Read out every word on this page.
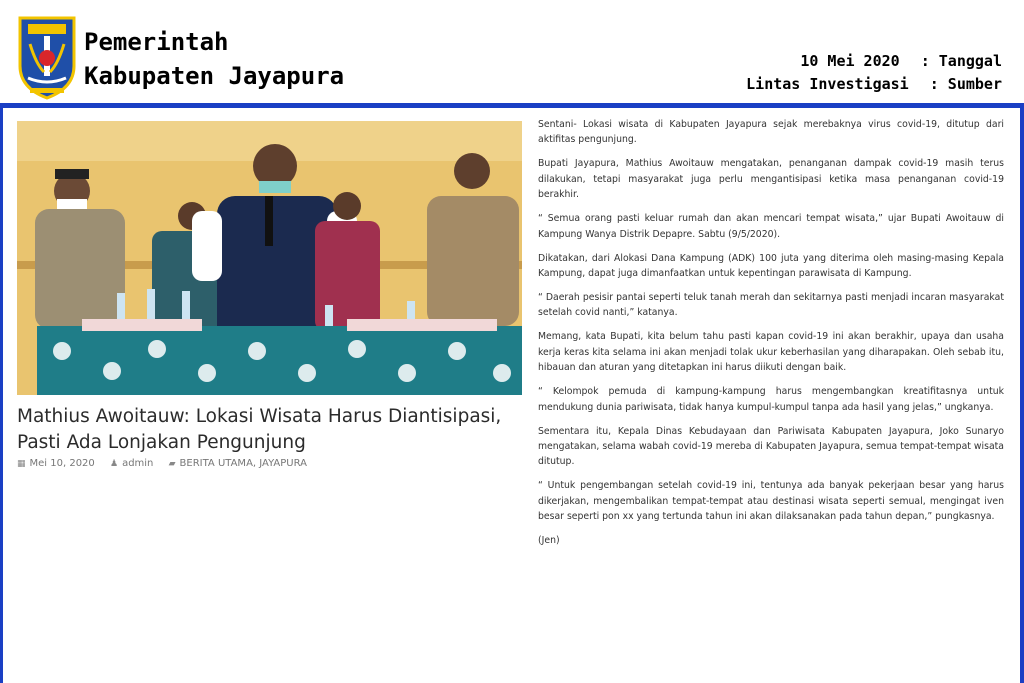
Pemerintah
Kabupaten Jayapura
10 Mei 2020 : Tanggal
Lintas Investigasi : Sumber
Mathius Awoitauw: Lokasi Wisata Harus Diantisipasi, Pasti Ada Lonjakan Pengunjung
▦ Mei 10, 2020 ♟ admin ▰ BERITA UTAMA, JAYAPURA

Sentani- Lokasi wisata di Kabupaten Jayapura sejak merebaknya virus covid-19, ditutup dari aktifitas pengunjung.

Bupati Jayapura, Mathius Awoitauw mengatakan, penanganan dampak covid-19 masih terus dilakukan, tetapi masyarakat juga perlu mengantisipasi ketika masa penanganan covid-19 berakhir.

“ Semua orang pasti keluar rumah dan akan mencari tempat wisata,” ujar Bupati Awoitauw di Kampung Wanya Distrik Depapre. Sabtu (9/5/2020).

Dikatakan, dari Alokasi Dana Kampung (ADK) 100 juta yang diterima oleh masing-masing Kepala Kampung, dapat juga dimanfaatkan untuk kepentingan parawisata di Kampung.

“ Daerah pesisir pantai seperti teluk tanah merah dan sekitarnya pasti menjadi incaran masyarakat setelah covid nanti,” katanya.

Memang, kata Bupati, kita belum tahu pasti kapan covid-19 ini akan berakhir, upaya dan usaha kerja keras kita selama ini akan menjadi tolak ukur keberhasilan yang diharapakan. Oleh sebab itu, hibauan dan aturan yang ditetapkan ini harus diikuti dengan baik.

“ Kelompok pemuda di kampung-kampung harus mengembangkan kreatifitasnya untuk mendukung dunia pariwisata, tidak hanya kumpul-kumpul tanpa ada hasil yang jelas,” ungkanya.

Sementara itu, Kepala Dinas Kebudayaan dan Pariwisata Kabupaten Jayapura, Joko Sunaryo mengatakan, selama wabah covid-19 mereba di Kabupaten Jayapura, semua tempat-tempat wisata ditutup.

“ Untuk pengembangan setelah covid-19 ini, tentunya ada banyak pekerjaan besar yang harus dikerjakan, mengembalikan tempat-tempat atau destinasi wisata seperti semual, mengingat iven besar seperti pon xx yang tertunda tahun ini akan dilaksanakan pada tahun depan,” pungkasnya.

(Jen)
